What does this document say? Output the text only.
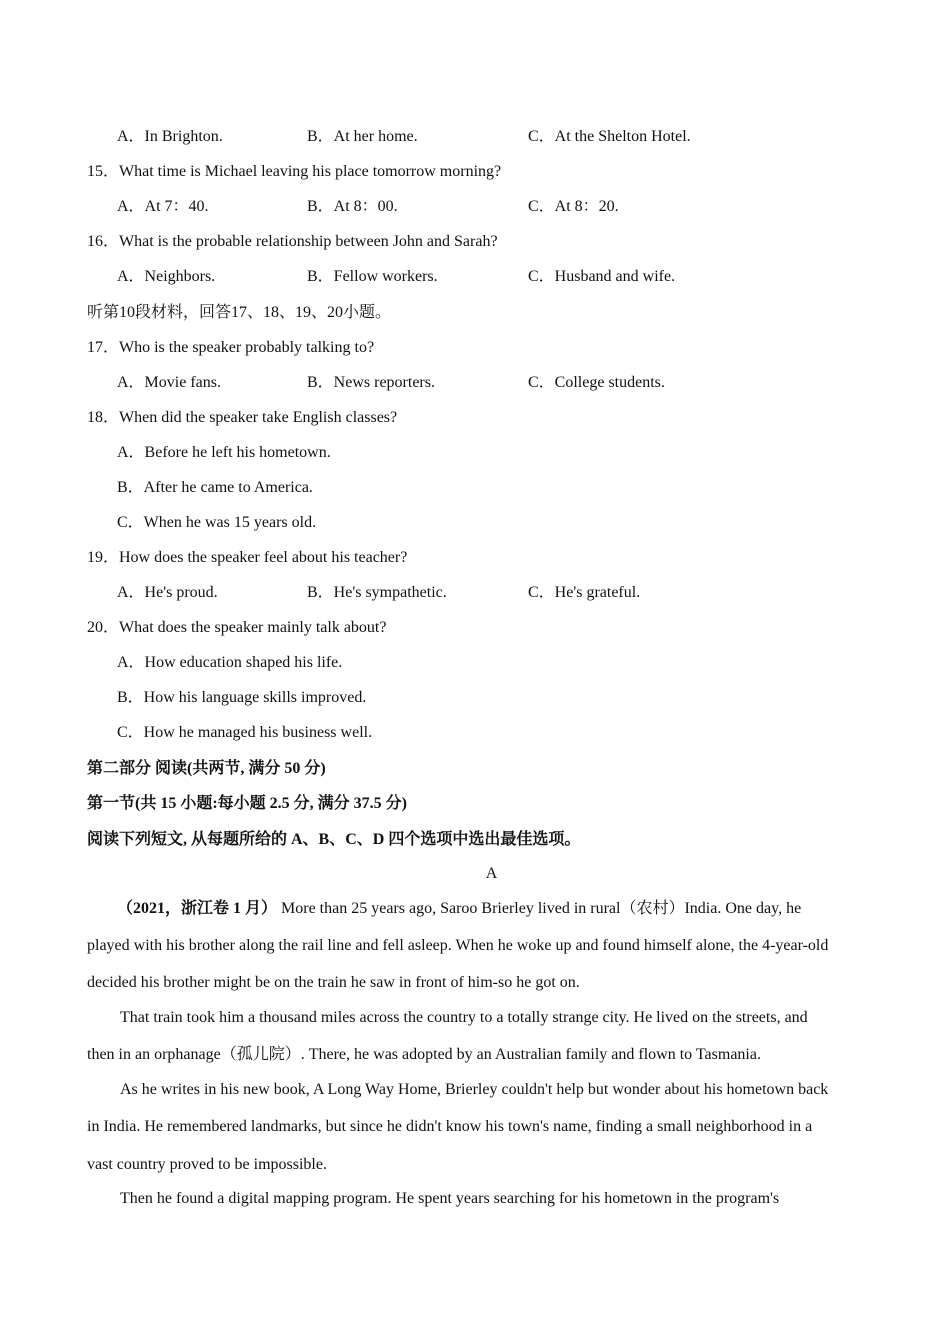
A．In Brighton.	B．At her home.	C．At the Shelton Hotel.
15．What time is Michael leaving his place tomorrow morning?
A．At 7：40.	B．At 8：00.	C．At 8：20.
16．What is the probable relationship between John and Sarah?
A．Neighbors.	B．Fellow workers.	C．Husband and wife.
听第10段材料，回答17、18、19、20小题。
17．Who is the speaker probably talking to?
A．Movie fans.	B．News reporters.	C．College students.
18．When did the speaker take English classes?
A．Before he left his hometown.
B．After he came to America.
C．When he was 15 years old.
19．How does the speaker feel about his teacher?
A．He's proud.	B．He's sympathetic.	C．He's grateful.
20．What does the speaker mainly talk about?
A．How education shaped his life.
B．How his language skills improved.
C．How he managed his business well.
第二部分 阅读(共两节, 满分 50 分)
第一节(共 15 小题:每小题 2.5 分, 满分 37.5 分)
阅读下列短文, 从每题所给的 A、B、C、D 四个选项中选出最佳选项。
A
（2021，浙江卷 1 月） More than 25 years ago, Saroo Brierley lived in rural（农村）India. One day, he
played with his brother along the rail line and fell asleep. When he woke up and found himself alone, the 4-year-old
decided his brother might be on the train he saw in front of him-so he got on.
That train took him a thousand miles across the country to a totally strange city. He lived on the streets, and
then in an orphanage（孤儿院）. There, he was adopted by an Australian family and flown to Tasmania.
As he writes in his new book, A Long Way Home, Brierley couldn't help but wonder about his hometown back
in India. He remembered landmarks, but since he didn't know his town's name, finding a small neighborhood in a
vast country proved to be impossible.
Then he found a digital mapping program. He spent years searching for his hometown in the program's
